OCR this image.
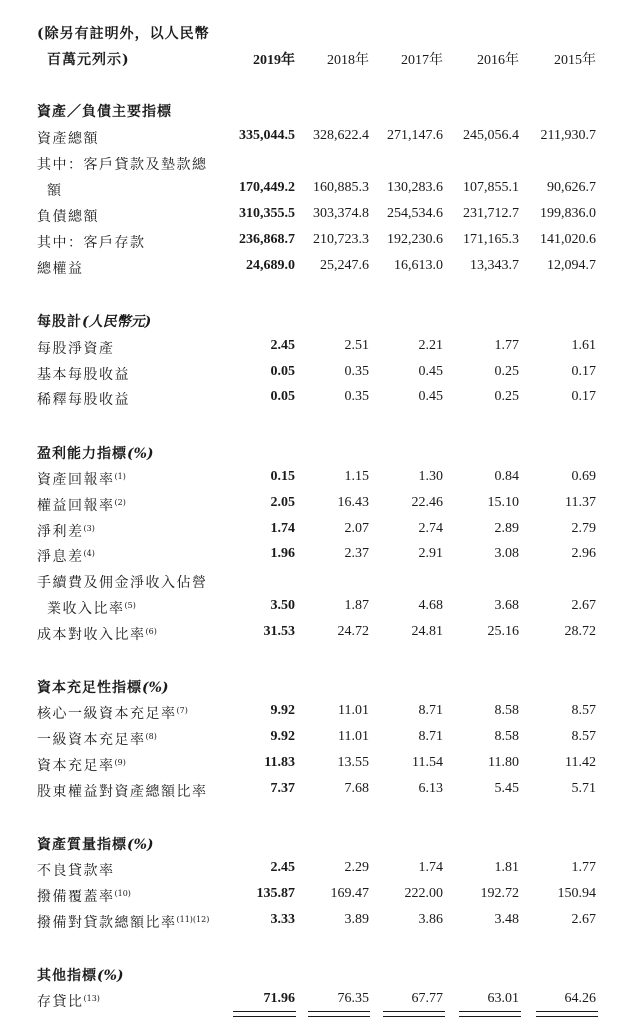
(除另有註明外，以人民幣
百萬元列示)	2019年	2018年	2017年	2016年	2015年
資產／負債主要指標
資產總額	335,044.5	328,622.4	271,147.6	245,056.4	211,930.7
其中：客戶貸款及墊款總
額	170,449.2	160,885.3	130,283.6	107,855.1	90,626.7
負債總額	310,355.5	303,374.8	254,534.6	231,712.7	199,836.0
其中：客戶存款	236,868.7	210,723.3	192,230.6	171,165.3	141,020.6
總權益	24,689.0	25,247.6	16,613.0	13,343.7	12,094.7
每股計(人民幣元)
每股淨資產	2.45	2.51	2.21	1.77	1.61
基本每股收益	0.05	0.35	0.45	0.25	0.17
稀釋每股收益	0.05	0.35	0.45	0.25	0.17
盈利能力指標(%)
資產回報率$^{(1)}$	0.15	1.15	1.30	0.84	0.69
權益回報率$^{(2)}$	2.05	16.43	22.46	15.10	11.37
淨利差$^{(3)}$	1.74	2.07	2.74	2.89	2.79
淨息差$^{(4)}$	1.96	2.37	2.91	3.08	2.96
手續費及佣金淨收入佔營
業收入比率$^{(5)}$	3.50	1.87	4.68	3.68	2.67
成本對收入比率$^{(6)}$	31.53	24.72	24.81	25.16	28.72
資本充足性指標(%)
核心一級資本充足率$^{(7)}$	9.92	11.01	8.71	8.58	8.57
一級資本充足率$^{(8)}$	9.92	11.01	8.71	8.58	8.57
資本充足率$^{(9)}$	11.83	13.55	11.54	11.80	11.42
股東權益對資產總額比率	7.37	7.68	6.13	5.45	5.71
資產質量指標(%)
不良貸款率	2.45	2.29	1.74	1.81	1.77
撥備覆蓋率$^{(10)}$	135.87	169.47	222.00	192.72	150.94
撥備對貸款總額比率$^{(11)(12)}$	3.33	3.89	3.86	3.48	2.67
其他指標(%)
存貸比$^{(13)}$	71.96	76.35	67.77	63.01	64.26
